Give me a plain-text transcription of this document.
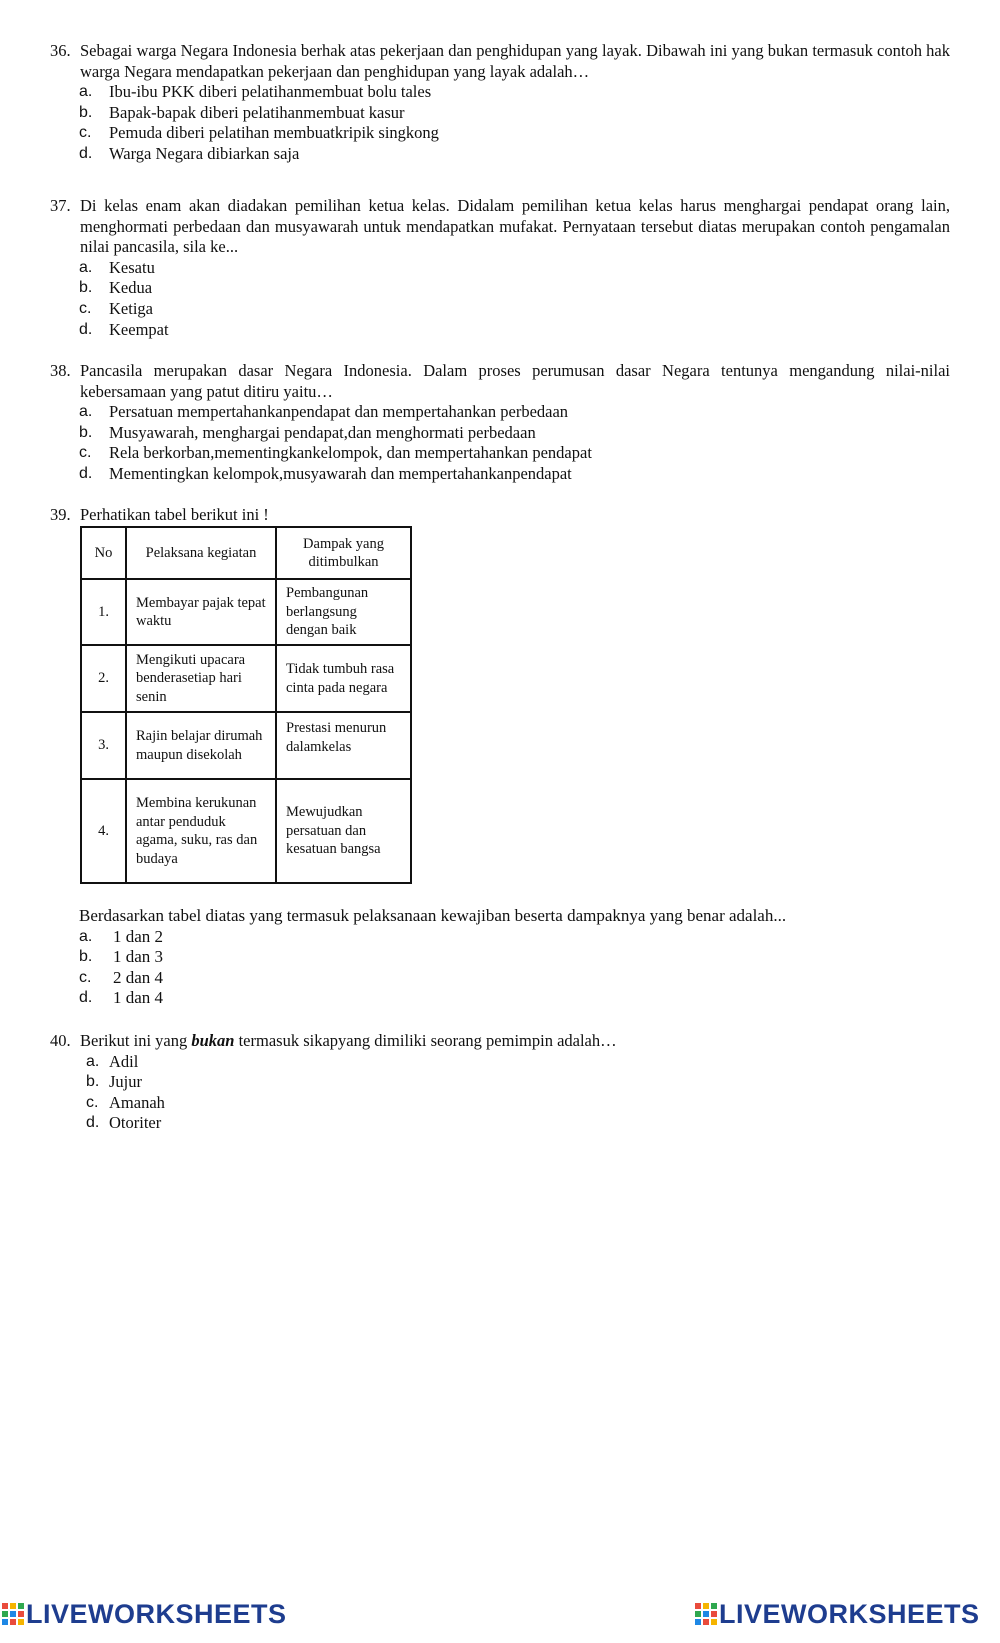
36. Sebagai warga Negara Indonesia berhak atas pekerjaan dan penghidupan yang layak. Dibawah ini yang bukan termasuk contoh hak warga Negara mendapatkan pekerjaan dan penghidupan yang layak adalah…
a.	Ibu-ibu PKK diberi pelatihanmembuat bolu tales
b.	Bapak-bapak diberi pelatihanmembuat kasur
c.	Pemuda diberi pelatihan membuatkripik singkong
d.	Warga Negara dibiarkan saja
37. Di kelas enam akan diadakan pemilihan ketua kelas. Didalam pemilihan ketua kelas harus menghargai pendapat orang lain, menghormati perbedaan dan musyawarah untuk mendapatkan mufakat. Pernyataan tersebut diatas merupakan contoh pengamalan nilai pancasila, sila ke...
a.	Kesatu
b.	Kedua
c.	Ketiga
d.	Keempat
38. Pancasila merupakan dasar Negara Indonesia. Dalam proses perumusan dasar Negara tentunya mengandung nilai-nilai kebersamaan yang patut ditiru yaitu…
a.	Persatuan mempertahankanpendapat dan mempertahankan perbedaan
b.	Musyawarah, menghargai pendapat,dan menghormati perbedaan
c.	Rela berkorban,mementingkankelompok, dan mempertahankan pendapat
d.	Mementingkan kelompok,musyawarah dan mempertahankanpendapat
39. Perhatikan tabel berikut ini !
No	Pelaksana kegiatan	Dampak yang ditimbulkan
1.	Membayar pajak tepat waktu	Pembangunan berlangsung dengan baik
2.	Mengikuti upacara benderasetiap hari senin	Tidak tumbuh rasa cinta pada negara
3.	Rajin belajar dirumah maupun disekolah	Prestasi menurun dalamkelas
4.	Membina kerukunan antar penduduk agama, suku, ras dan budaya	Mewujudkan persatuan dan kesatuan bangsa
Berdasarkan tabel diatas yang termasuk pelaksanaan kewajiban beserta dampaknya yang benar adalah...
a.	1 dan 2
b.	1 dan 3
c.	2 dan 4
d.	1 dan 4
40. Berikut ini yang bukan termasuk sikapyang dimiliki seorang pemimpin adalah…
a. Adil
b. Jujur
c. Amanah
d. Otoriter
LIVEWORKSHEETS	LIVEWORKSHEETS
